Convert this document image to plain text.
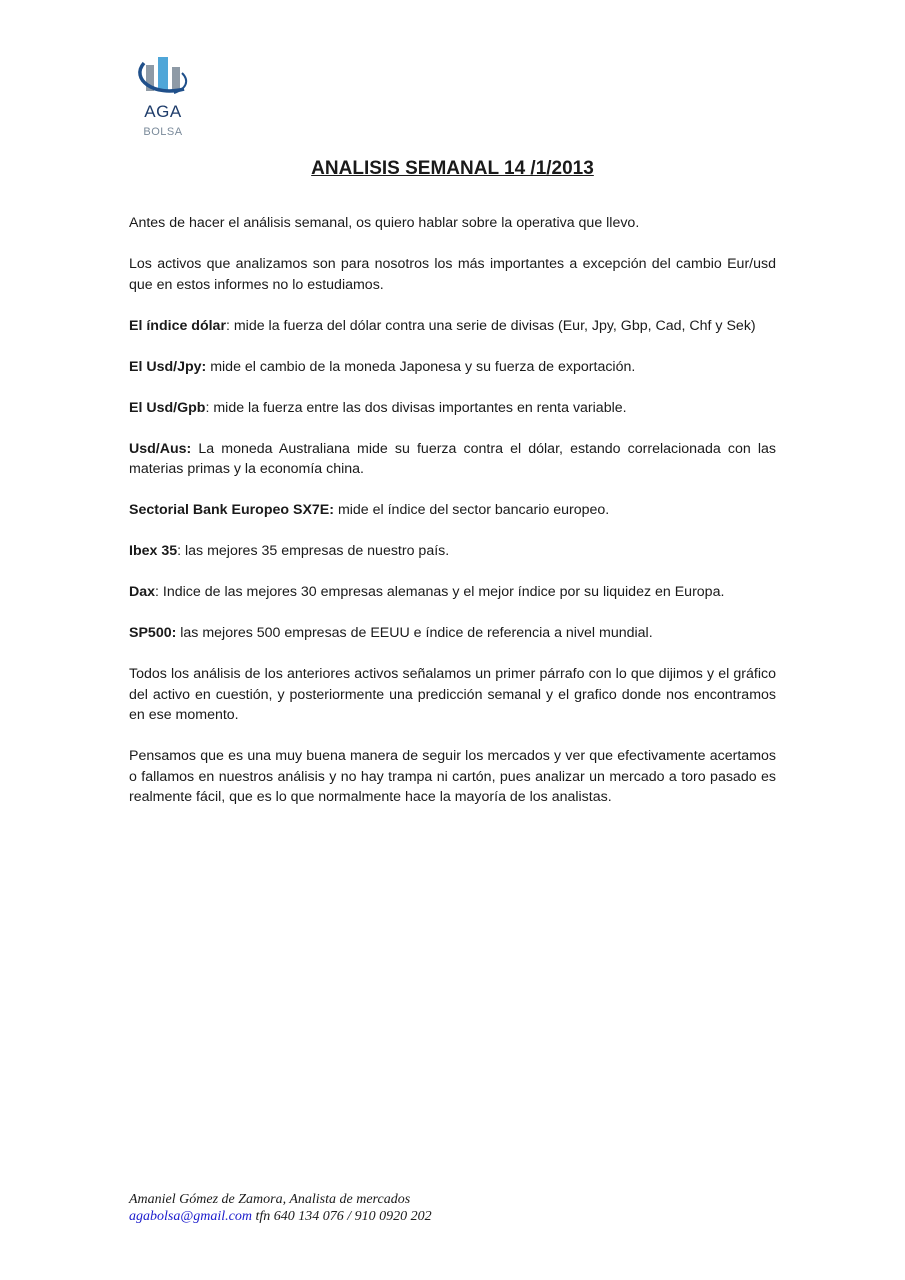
AGA
BOLSA
ANALISIS SEMANAL 14 /1/2013

Antes de hacer el análisis semanal, os quiero hablar sobre la operativa que llevo.

Los activos que analizamos son para nosotros los más importantes a excepción del cambio Eur/usd que en estos informes no lo estudiamos.

El índice dólar: mide la fuerza del dólar contra una serie de divisas (Eur, Jpy, Gbp, Cad, Chf y Sek)

El Usd/Jpy: mide el cambio de la moneda Japonesa y su fuerza de exportación.

El Usd/Gpb: mide la fuerza entre las dos divisas importantes en renta variable.

Usd/Aus: La moneda Australiana mide su fuerza contra el dólar, estando correlacionada con las materias primas y la economía china.

Sectorial Bank Europeo SX7E: mide el índice del sector bancario europeo.

Ibex 35: las mejores 35 empresas de nuestro país.

Dax: Indice de las mejores 30 empresas alemanas y el mejor índice por su liquidez en Europa.

SP500: las mejores 500 empresas de EEUU e índice de referencia a nivel mundial.

Todos los análisis de los anteriores activos señalamos un primer párrafo con lo que dijimos y el gráfico del activo en cuestión, y posteriormente una predicción semanal y el grafico donde nos encontramos en ese momento.

Pensamos que es una muy buena manera de seguir los mercados y ver que efectivamente acertamos o fallamos en nuestros análisis y no hay trampa ni cartón, pues analizar un mercado a toro pasado es realmente fácil, que es lo que normalmente hace la mayoría de los analistas.

Amaniel Gómez de Zamora, Analista de mercados
agabolsa@gmail.com tfn 640 134 076 / 910 0920 202
